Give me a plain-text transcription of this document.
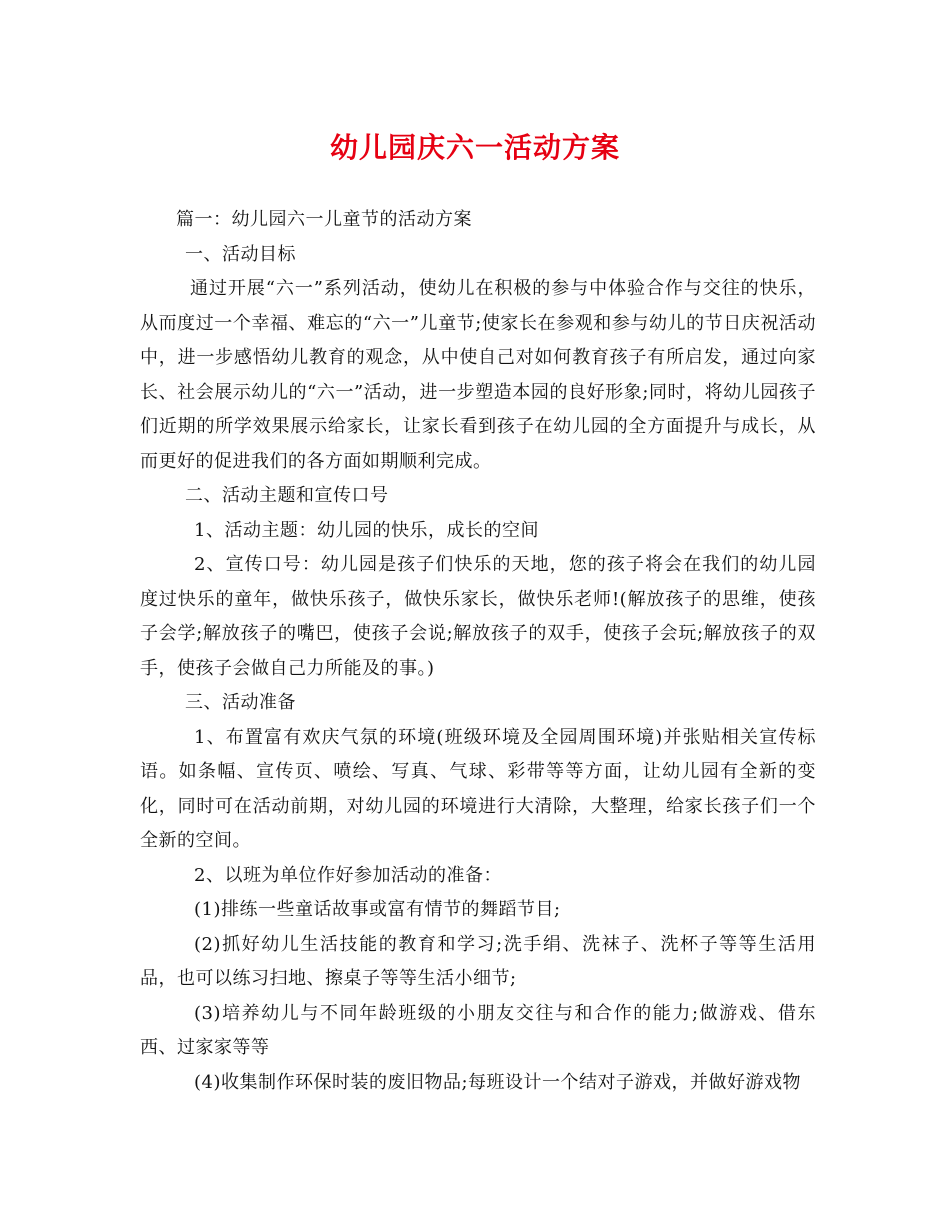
幼儿园庆六一活动方案

篇一：幼儿园六一儿童节的活动方案

一、活动目标

通过开展“六一”系列活动，使幼儿在积极的参与中体验合作与交往的快乐，从而度过一个幸福、难忘的“六一”儿童节;使家长在参观和参与幼儿的节日庆祝活动中，进一步感悟幼儿教育的观念，从中使自己对如何教育孩子有所启发，通过向家长、社会展示幼儿的“六一”活动，进一步塑造本园的良好形象;同时，将幼儿园孩子们近期的所学效果展示给家长，让家长看到孩子在幼儿园的全方面提升与成长，从而更好的促进我们的各方面如期顺利完成。

二、活动主题和宣传口号

1、活动主题：幼儿园的快乐，成长的空间

2、宣传口号：幼儿园是孩子们快乐的天地，您的孩子将会在我们的幼儿园度过快乐的童年，做快乐孩子，做快乐家长，做快乐老师!(解放孩子的思维，使孩子会学;解放孩子的嘴巴，使孩子会说;解放孩子的双手，使孩子会玩;解放孩子的双手，使孩子会做自己力所能及的事。)

三、活动准备

1、布置富有欢庆气氛的环境(班级环境及全园周围环境)并张贴相关宣传标语。如条幅、宣传页、喷绘、写真、气球、彩带等等方面，让幼儿园有全新的变化，同时可在活动前期，对幼儿园的环境进行大清除，大整理，给家长孩子们一个全新的空间。

2、以班为单位作好参加活动的准备：

(1)排练一些童话故事或富有情节的舞蹈节目;

(2)抓好幼儿生活技能的教育和学习;洗手绢、洗袜子、洗杯子等等生活用品，也可以练习扫地、擦桌子等等生活小细节;

(3)培养幼儿与不同年龄班级的小朋友交往与和合作的能力;做游戏、借东西、过家家等等

(4)收集制作环保时装的废旧物品;每班设计一个结对子游戏，并做好游戏物
